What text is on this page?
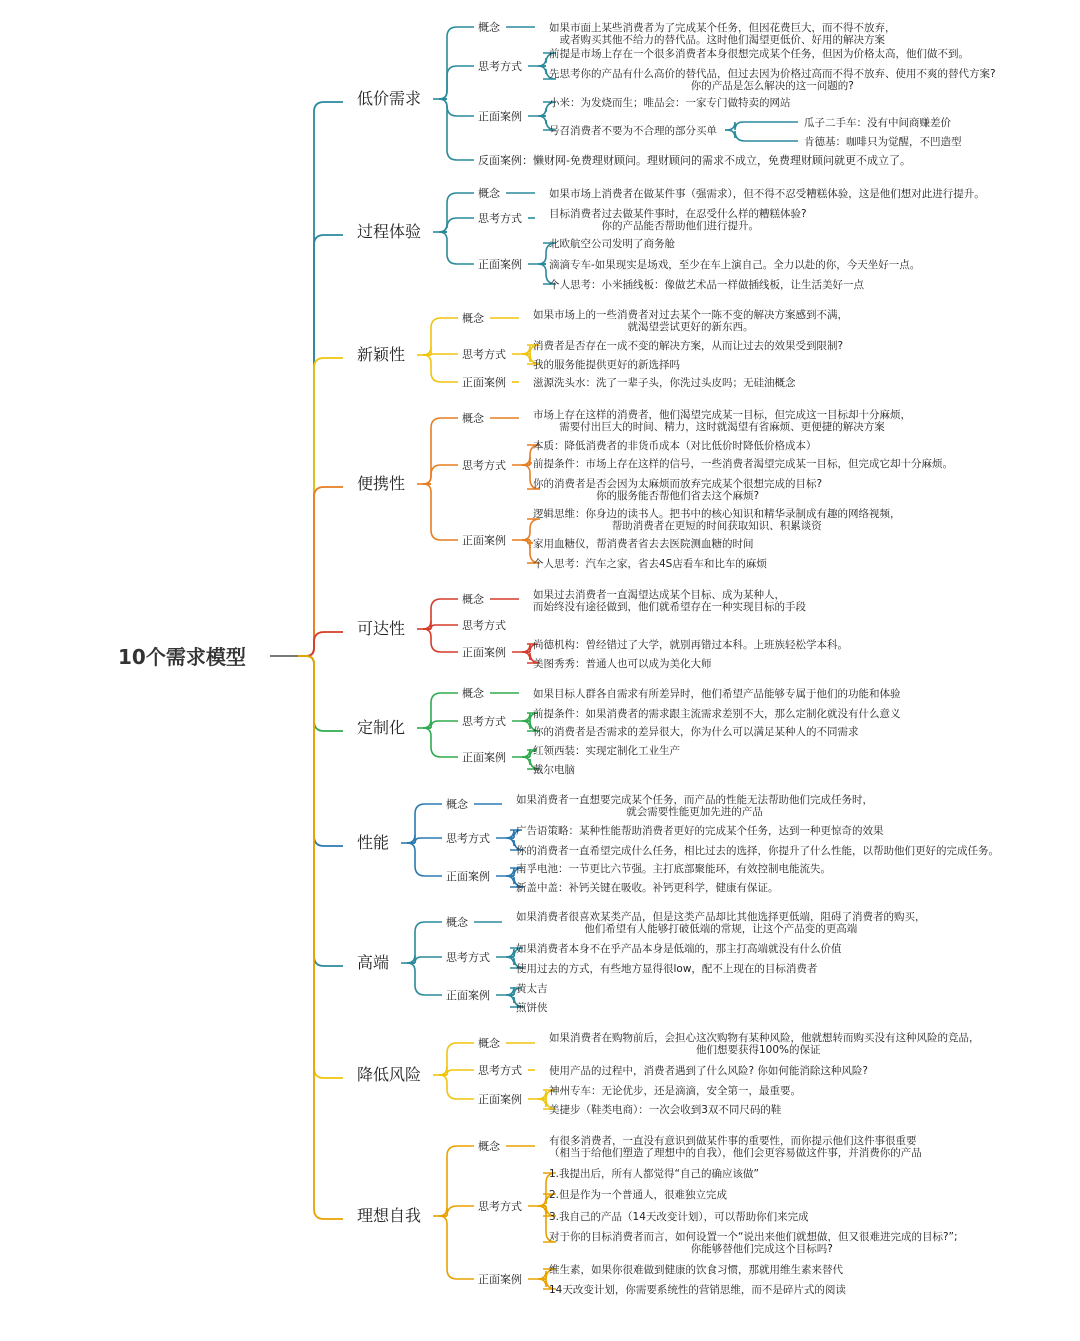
10个需求模型
低价需求
概念	如果市面上某些消费者为了完成某个任务，但因花费巨大，而不得不放弃，
或者购买其他不给力的替代品。这时他们渴望更低价、好用的解决方案
思考方式
前提是市场上存在一个很多消费者本身很想完成某个任务，但因为价格太高，他们做不到。
先思考你的产品有什么高价的替代品，但过去因为价格过高而不得不放弃、使用不爽的替代方案?
你的产品是怎么解决的这一问题的?
正面案例
小米：为发烧而生；唯品会：一家专门做特卖的网站
号召消费者不要为不合理的部分买单
瓜子二手车：没有中间商赚差价
肯德基：咖啡只为觉醒，不凹造型
反面案例：懒财网-免费理财顾问。理财顾问的需求不成立，免费理财顾问就更不成立了。
过程体验
概念	如果市场上消费者在做某件事（强需求），但不得不忍受糟糕体验，这是他们想对此进行提升。
思考方式	目标消费者过去做某件事时，在忍受什么样的糟糕体验?
你的产品能否帮助他们进行提升。
正面案例
北欧航空公司发明了商务舱
滴滴专车-如果现实是场戏，至少在车上演自己。全力以赴的你，今天坐好一点。
个人思考：小米插线板：像做艺术品一样做插线板，让生活美好一点
新颖性
概念	如果市场上的一些消费者对过去某个一陈不变的解决方案感到不满，
就渴望尝试更好的新东西。
思考方式
消费者是否存在一成不变的解决方案，从而让过去的效果受到限制?
我的服务能提供更好的新选择吗
正面案例	滋源洗头水：洗了一辈子头，你洗过头皮吗；无硅油概念
便携性
概念	市场上存在这样的消费者，他们渴望完成某一目标，但完成这一目标却十分麻烦，
需要付出巨大的时间、精力，这时就渴望有省麻烦、更便捷的解决方案
思考方式
本质：降低消费者的非货币成本（对比低价时降低价格成本）
前提条件：市场上存在这样的信号，一些消费者渴望完成某一目标，但完成它却十分麻烦。
你的消费者是否会因为太麻烦而放弃完成某个很想完成的目标?
你的服务能否帮他们省去这个麻烦?
正面案例
逻辑思维：你身边的读书人。把书中的核心知识和精华录制成有趣的网络视频，
帮助消费者在更短的时间获取知识、积累谈资
家用血糖仪，帮消费者省去去医院测血糖的时间
个人思考：汽车之家，省去4S店看车和比车的麻烦
可达性
概念	如果过去消费者一直渴望达成某个目标、成为某种人，
而始终没有途径做到，他们就希望存在一种实现目标的手段
思考方式
正面案例
尚德机构：曾经错过了大学，就别再错过本科。上班族轻松学本科。
美图秀秀：普通人也可以成为美化大师
定制化
概念	如果目标人群各自需求有所差异时，他们希望产品能够专属于他们的功能和体验
思考方式
前提条件：如果消费者的需求跟主流需求差别不大，那么定制化就没有什么意义
你的消费者是否需求的差异很大，你为什么可以满足某种人的不同需求
正面案例	红领西装：实现定制化工业生产
戴尔电脑
性能
概念	如果消费者一直想要完成某个任务，而产品的性能无法帮助他们完成任务时，
就会需要性能更加先进的产品
思考方式
广告语策略：某种性能帮助消费者更好的完成某个任务，达到一种更惊奇的效果
你的消费者一直希望完成什么任务，相比过去的选择，你提升了什么性能，以帮助他们更好的完成任务。
正面案例
南孚电池：一节更比六节强。主打底部聚能环，有效控制电能流失。
新盖中盖：补钙关键在吸收。补钙更科学，健康有保证。
高端
概念	如果消费者很喜欢某类产品，但是这类产品却比其他选择更低端，阻碍了消费者的购买，
他们希望有人能够打破低端的常规，让这个产品变的更高端
思考方式
如果消费者本身不在乎产品本身是低端的，那主打高端就没有什么价值
使用过去的方式，有些地方显得很low，配不上现在的目标消费者
正面案例 黄太吉
煎饼侠
降低风险
概念	如果消费者在购物前后，会担心这次购物有某种风险，他就想转而购买没有这种风险的竞品，
他们想要获得100%的保证
思考方式	使用产品的过程中，消费者遇到了什么风险? 你如何能消除这种风险?
正面案例
神州专车：无论优步，还是滴滴，安全第一，最重要。
美捷步（鞋类电商）：一次会收到3双不同尺码的鞋
理想自我
概念	有很多消费者，一直没有意识到做某件事的重要性，而你提示他们这件事很重要
（相当于给他们塑造了理想中的自我），他们会更容易做这件事，并消费你的产品
思考方式
1.我提出后，所有人都觉得“自己的确应该做”
2.但是作为一个普通人，很难独立完成
3.我自己的产品（14天改变计划），可以帮助你们来完成
对于你的目标消费者而言，如何设置一个“说出来他们就想做，但又很难进完成的目标?”;
你能够替他们完成这个目标吗?
正面案例
维生素，如果你很难做到健康的饮食习惯，那就用维生素来替代
14天改变计划，你需要系统性的营销思维，而不是碎片式的阅读
